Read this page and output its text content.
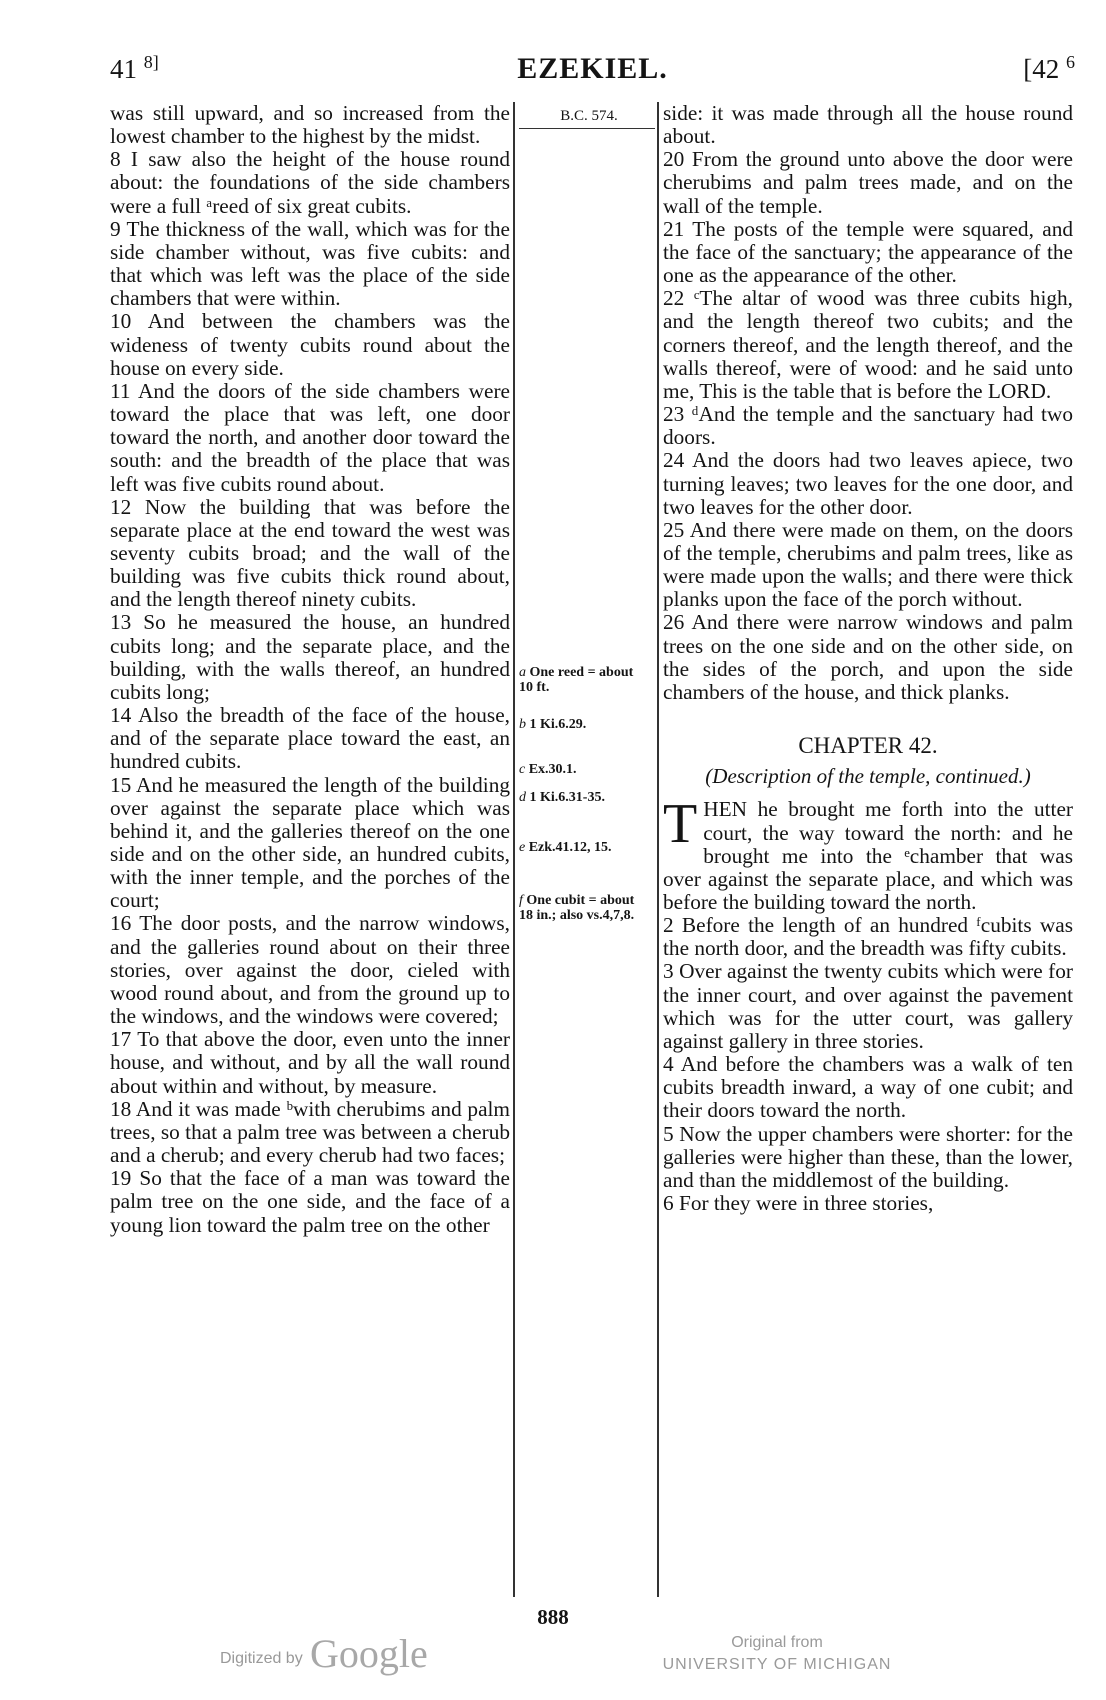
41 $^{8]}$	EZEKIEL.	[42 $^6$

was still upward, and so increased from the lowest chamber to the highest by the midst.

8 I saw also the height of the house round about: the foundations of the side chambers were a full ᵃreed of six great cubits.

9 The thickness of the wall, which was for the side chamber without, was five cubits: and that which was left was the place of the side chambers that were within.

10 And between the chambers was the wideness of twenty cubits round about the house on every side.

11 And the doors of the side chambers were toward the place that was left, one door toward the north, and another door toward the south: and the breadth of the place that was left was five cubits round about.

12 Now the building that was before the separate place at the end toward the west was seventy cubits broad; and the wall of the building was five cubits thick round about, and the length thereof ninety cubits.

13 So he measured the house, an hundred cubits long; and the separate place, and the building, with the walls thereof, an hundred cubits long;

14 Also the breadth of the face of the house, and of the separate place toward the east, an hundred cubits.

15 And he measured the length of the building over against the separate place which was behind it, and the galleries thereof on the one side and on the other side, an hundred cubits, with the inner temple, and the porches of the court;

16 The door posts, and the narrow windows, and the galleries round about on their three stories, over against the door, cieled with wood round about, and from the ground up to the windows, and the windows were covered;

17 To that above the door, even unto the inner house, and without, and by all the wall round about within and without, by measure.

18 And it was made ᵇwith cherubims and palm trees, so that a palm tree was between a cherub and a cherub; and every cherub had two faces;

19 So that the face of a man was toward the palm tree on the one side, and the face of a young lion toward the palm tree on the other

B.C. 574.
a One reed = about 10 ft.
b 1 Ki.6.29.
c Ex.30.1.
d 1 Ki.6.31-35.
e Ezk.41.12, 15.
f One cubit = about 18 in.; also vs.4,7,8.

side: it was made through all the house round about.

20 From the ground unto above the door were cherubims and palm trees made, and on the wall of the temple.

21 The posts of the temple were squared, and the face of the sanctuary; the appearance of the one as the appearance of the other.

22 ᶜThe altar of wood was three cubits high, and the length thereof two cubits; and the corners thereof, and the length thereof, and the walls thereof, were of wood: and he said unto me, This is the table that is before the LORD.

23 ᵈAnd the temple and the sanctuary had two doors.

24 And the doors had two leaves apiece, two turning leaves; two leaves for the one door, and two leaves for the other door.

25 And there were made on them, on the doors of the temple, cherubims and palm trees, like as were made upon the walls; and there were thick planks upon the face of the porch without.

26 And there were narrow windows and palm trees on the one side and on the other side, on the sides of the porch, and upon the side chambers of the house, and thick planks.

CHAPTER 42.
(Description of the temple, continued.)
T HEN he brought me forth into the utter court, the way toward the north: and he brought me into the ᵉchamber that was over against the separate place, and which was before the building toward the north.

2 Before the length of an hundred ᶠcubits was the north door, and the breadth was fifty cubits.

3 Over against the twenty cubits which were for the inner court, and over against the pavement which was for the utter court, was gallery against gallery in three stories.

4 And before the chambers was a walk of ten cubits breadth inward, a way of one cubit; and their doors toward the north.

5 Now the upper chambers were shorter: for the galleries were higher than these, than the lower, and than the middlemost of the building.

6 For they were in three stories,

888
Digitized by Google	Original from
UNIVERSITY OF MICHIGAN
